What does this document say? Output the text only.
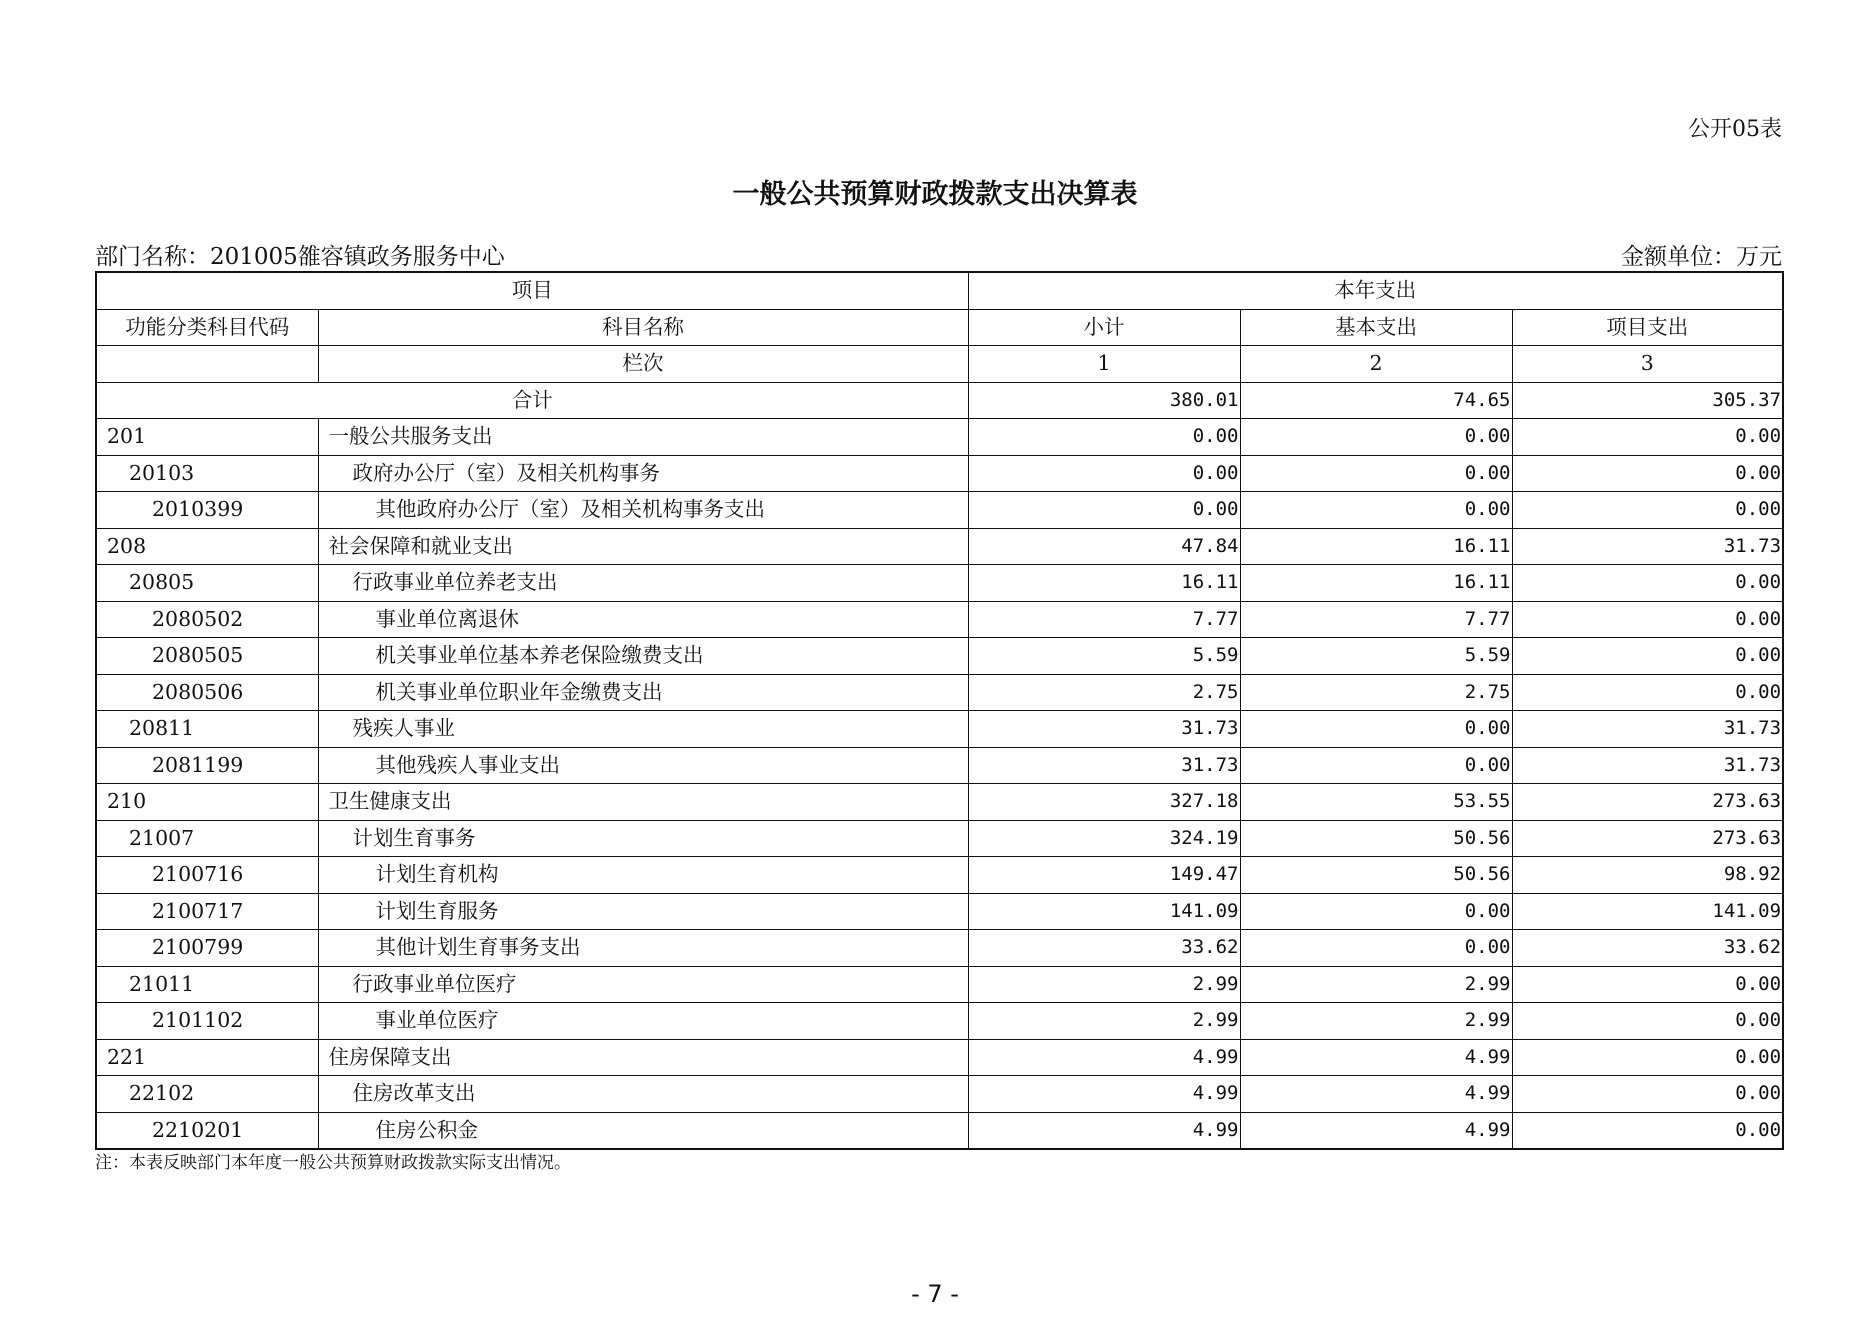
公开05表
一般公共预算财政拨款支出决算表
部门名称：201005雒容镇政务服务中心	金额单位：万元
项目		本年支出		
功能分类科目代码	科目名称	小计	基本支出	项目支出
	栏次	1	2	3
合计		380.01	74.65	305.37
201	一般公共服务支出	0.00	0.00	0.00
20103	政府办公厅（室）及相关机构事务	0.00	0.00	0.00
2010399	其他政府办公厅（室）及相关机构事务支出	0.00	0.00	0.00
208	社会保障和就业支出	47.84	16.11	31.73
20805	行政事业单位养老支出	16.11	16.11	0.00
2080502	事业单位离退休	7.77	7.77	0.00
2080505	机关事业单位基本养老保险缴费支出	5.59	5.59	0.00
2080506	机关事业单位职业年金缴费支出	2.75	2.75	0.00
20811	残疾人事业	31.73	0.00	31.73
2081199	其他残疾人事业支出	31.73	0.00	31.73
210	卫生健康支出	327.18	53.55	273.63
21007	计划生育事务	324.19	50.56	273.63
2100716	计划生育机构	149.47	50.56	98.92
2100717	计划生育服务	141.09	0.00	141.09
2100799	其他计划生育事务支出	33.62	0.00	33.62
21011	行政事业单位医疗	2.99	2.99	0.00
2101102	事业单位医疗	2.99	2.99	0.00
221	住房保障支出	4.99	4.99	0.00
22102	住房改革支出	4.99	4.99	0.00
2210201	住房公积金	4.99	4.99	0.00
注：本表反映部门本年度一般公共预算财政拨款实际支出情况。
- 7 -
